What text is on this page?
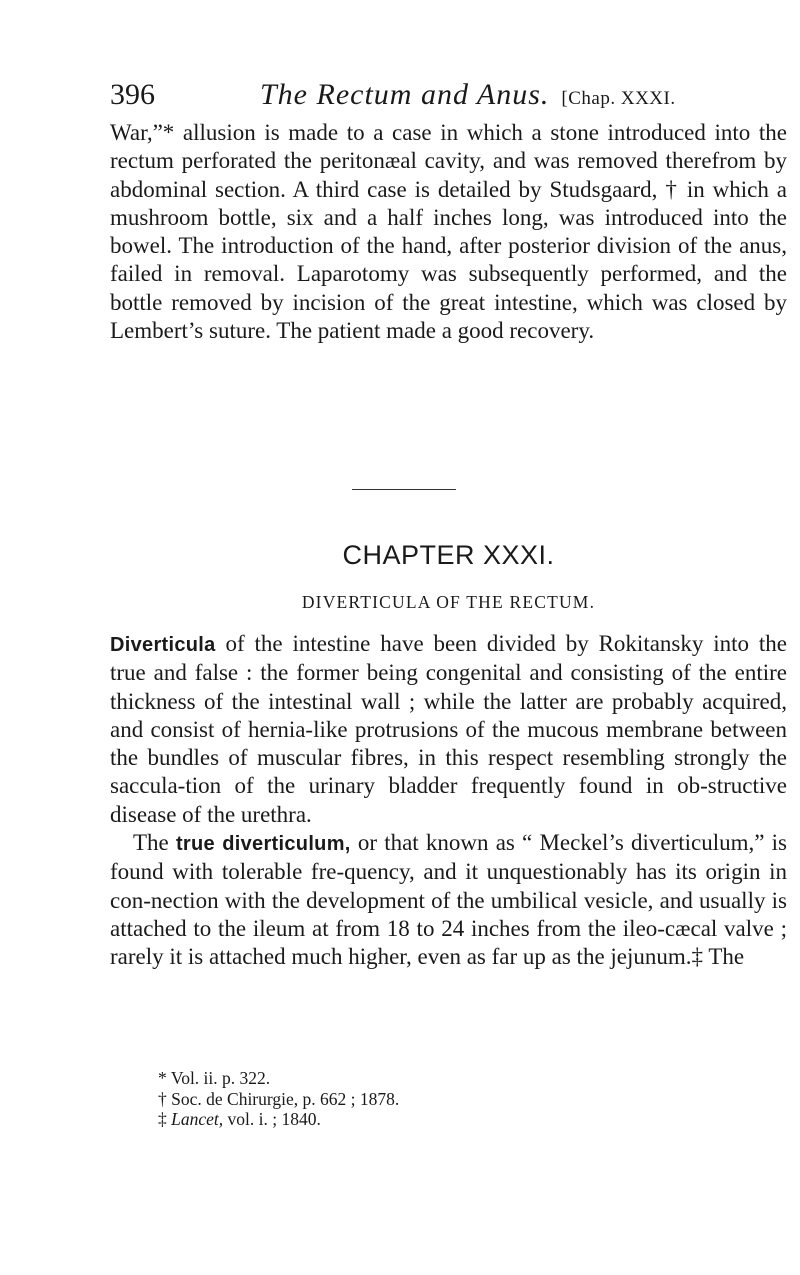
396	The Rectum and Anus. [Chap. XXXI.

War,”* allusion is made to a case in which a stone introduced into the rectum perforated the peritonæal cavity, and was removed therefrom by abdominal section. A third case is detailed by Studsgaard, † in which a mushroom bottle, six and a half inches long, was introduced into the bowel. The introduction of the hand, after posterior division of the anus, failed in removal. Laparotomy was subsequently performed, and the bottle removed by incision of the great intestine, which was closed by Lembert’s suture. The patient made a good recovery.

CHAPTER XXXI.
DIVERTICULA OF THE RECTUM.

Diverticula of the intestine have been divided by Rokitansky into the true and false : the former being congenital and consisting of the entire thickness of the intestinal wall ; while the latter are probably acquired, and consist of hernia-like protrusions of the mucous membrane between the bundles of muscular fibres, in this respect resembling strongly the saccula-tion of the urinary bladder frequently found in ob-structive disease of the urethra.

The true diverticulum, or that known as “ Meckel’s diverticulum,” is found with tolerable fre-quency, and it unquestionably has its origin in con-nection with the development of the umbilical vesicle, and usually is attached to the ileum at from 18 to 24 inches from the ileo-cæcal valve ; rarely it is attached much higher, even as far up as the jejunum.‡ The

* Vol. ii. p. 322.
† Soc. de Chirurgie, p. 662 ; 1878.
‡ Lancet, vol. i. ; 1840.
